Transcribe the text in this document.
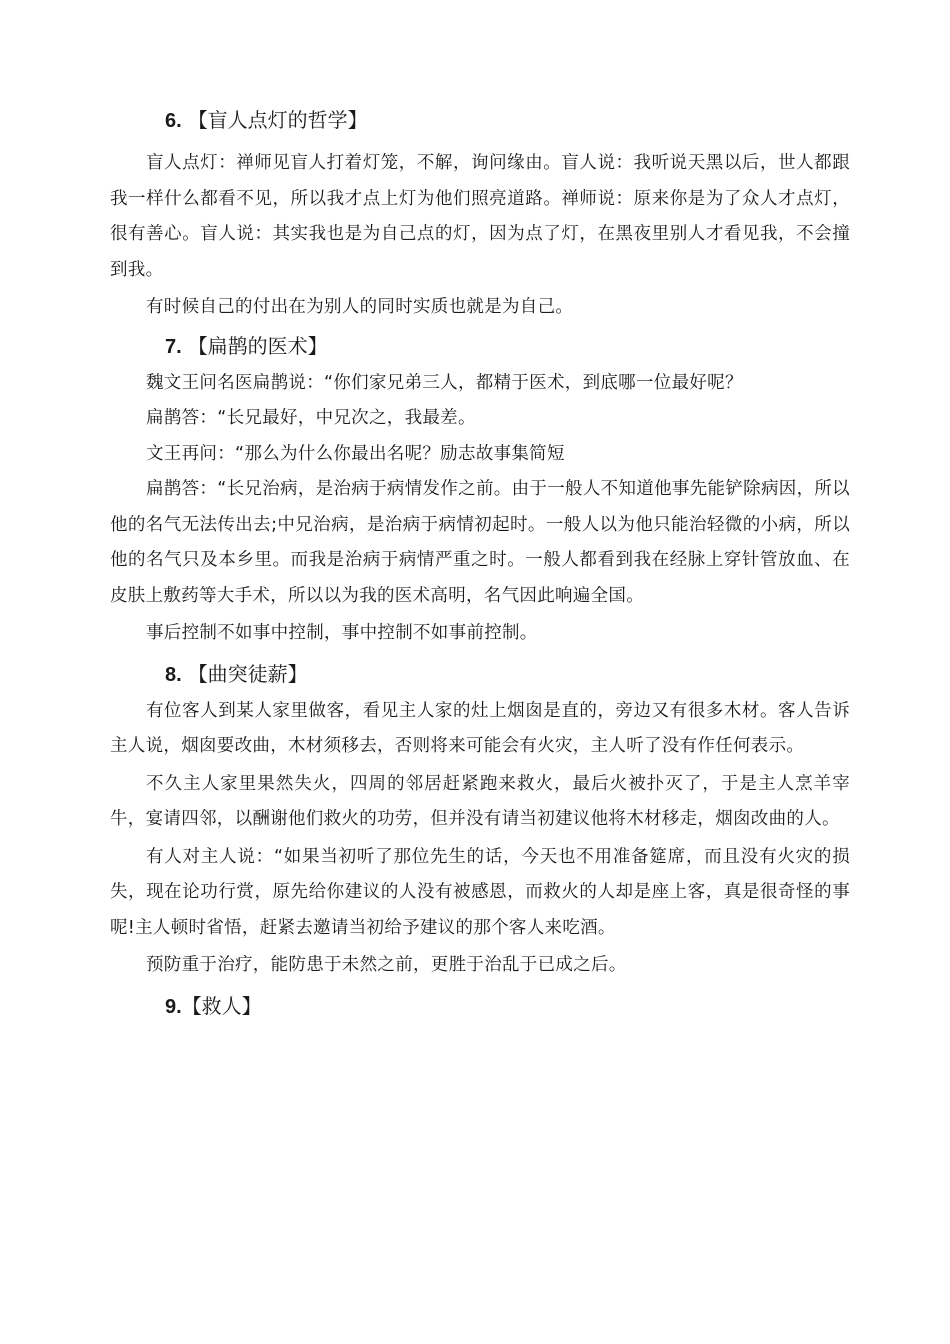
6. 【盲人点灯的哲学】

盲人点灯：禅师见盲人打着灯笼，不解，询问缘由。盲人说：我听说天黑以后，世人都跟我一样什么都看不见，所以我才点上灯为他们照亮道路。禅师说：原来你是为了众人才点灯，很有善心。盲人说：其实我也是为自己点的灯，因为点了灯，在黑夜里别人才看见我，不会撞到我。

有时候自己的付出在为别人的同时实质也就是为自己。

7. 【扁鹊的医术】

魏文王问名医扁鹊说：“你们家兄弟三人，都精于医术，到底哪一位最好呢？

扁鹊答：“长兄最好，中兄次之，我最差。

文王再问：“那么为什么你最出名呢？励志故事集简短

扁鹊答：“长兄治病，是治病于病情发作之前。由于一般人不知道他事先能铲除病因，所以他的名气无法传出去;中兄治病，是治病于病情初起时。一般人以为他只能治轻微的小病，所以他的名气只及本乡里。而我是治病于病情严重之时。一般人都看到我在经脉上穿针管放血、在皮肤上敷药等大手术，所以以为我的医术高明，名气因此响遍全国。

事后控制不如事中控制，事中控制不如事前控制。

8. 【曲突徒薪】

有位客人到某人家里做客，看见主人家的灶上烟囱是直的，旁边又有很多木材。客人告诉主人说，烟囱要改曲，木材须移去，否则将来可能会有火灾，主人听了没有作任何表示。

不久主人家里果然失火，四周的邻居赶紧跑来救火，最后火被扑灭了，于是主人烹羊宰牛，宴请四邻，以酬谢他们救火的功劳，但并没有请当初建议他将木材移走，烟囱改曲的人。

有人对主人说：“如果当初听了那位先生的话，今天也不用准备筵席，而且没有火灾的损失，现在论功行赏，原先给你建议的人没有被感恩，而救火的人却是座上客，真是很奇怪的事呢!主人顿时省悟，赶紧去邀请当初给予建议的那个客人来吃酒。

预防重于治疗，能防患于未然之前，更胜于治乱于已成之后。

9.【救人】
